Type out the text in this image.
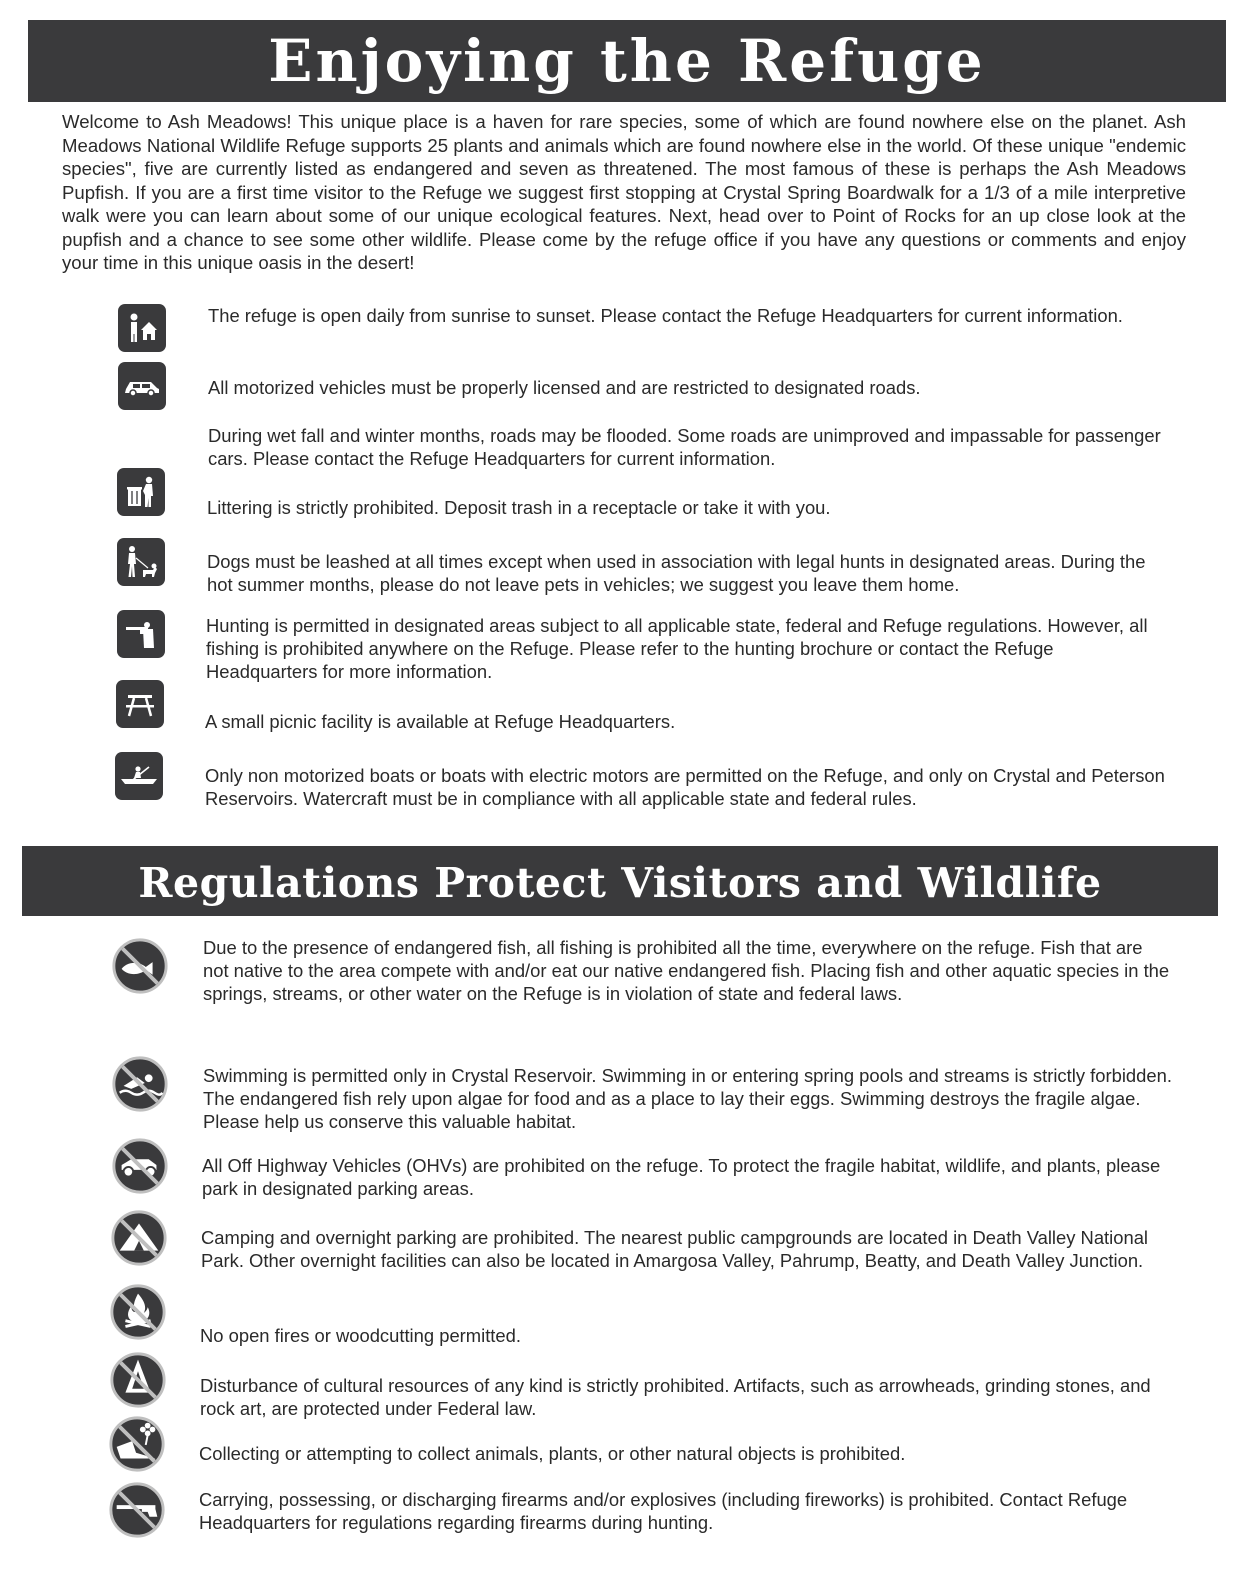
Enjoying the Refuge

Welcome to Ash Meadows! This unique place is a haven for rare species, some of which are found nowhere else on the planet. Ash Meadows National Wildlife Refuge supports 25 plants and animals which are found nowhere else in the world. Of these unique "endemic species", five are currently listed as endangered and seven as threatened. The most famous of these is perhaps the Ash Meadows Pupfish. If you are a first time visitor to the Refuge we suggest first stopping at Crystal Spring Boardwalk for a 1/3 of a mile interpretive walk were you can learn about some of our unique ecological features. Next, head over to Point of Rocks for an up close look at the pupfish and a chance to see some other wildlife. Please come by the refuge office if you have any questions or comments and enjoy your time in this unique oasis in the desert!

The refuge is open daily from sunrise to sunset. Please contact the Refuge Headquarters for current information.

All motorized vehicles must be properly licensed and are restricted to designated roads.

During wet fall and winter months, roads may be flooded. Some roads are unimproved and impassable for passenger cars. Please contact the Refuge Headquarters for current information.

Littering is strictly prohibited. Deposit trash in a receptacle or take it with you.

Dogs must be leashed at all times except when used in association with legal hunts in designated areas. During the hot summer months, please do not leave pets in vehicles; we suggest you leave them home.

Hunting is permitted in designated areas subject to all applicable state, federal and Refuge regulations. However, all fishing is prohibited anywhere on the Refuge. Please refer to the hunting brochure or contact the Refuge Headquarters for more information.

A small picnic facility is available at Refuge Headquarters.

Only non motorized boats or boats with electric motors are permitted on the Refuge, and only on Crystal and Peterson Reservoirs. Watercraft must be in compliance with all applicable state and federal rules.

Regulations Protect Visitors and Wildlife

Due to the presence of endangered fish, all fishing is prohibited all the time, everywhere on the refuge. Fish that are not native to the area compete with and/or eat our native endangered fish. Placing fish and other aquatic species in the springs, streams, or other water on the Refuge is in violation of state and federal laws.

Swimming is permitted only in Crystal Reservoir. Swimming in or entering spring pools and streams is strictly forbidden. The endangered fish rely upon algae for food and as a place to lay their eggs. Swimming destroys the fragile algae. Please help us conserve this valuable habitat.

All Off Highway Vehicles (OHVs) are prohibited on the refuge. To protect the fragile habitat, wildlife, and plants, please park in designated parking areas.

Camping and overnight parking are prohibited. The nearest public campgrounds are located in Death Valley National Park. Other overnight facilities can also be located in Amargosa Valley, Pahrump, Beatty, and Death Valley Junction.

No open fires or woodcutting permitted.

Disturbance of cultural resources of any kind is strictly prohibited. Artifacts, such as arrowheads, grinding stones, and rock art, are protected under Federal law.

Collecting or attempting to collect animals, plants, or other natural objects is prohibited.

Carrying, possessing, or discharging firearms and/or explosives (including fireworks) is prohibited. Contact Refuge Headquarters for regulations regarding firearms during hunting.
